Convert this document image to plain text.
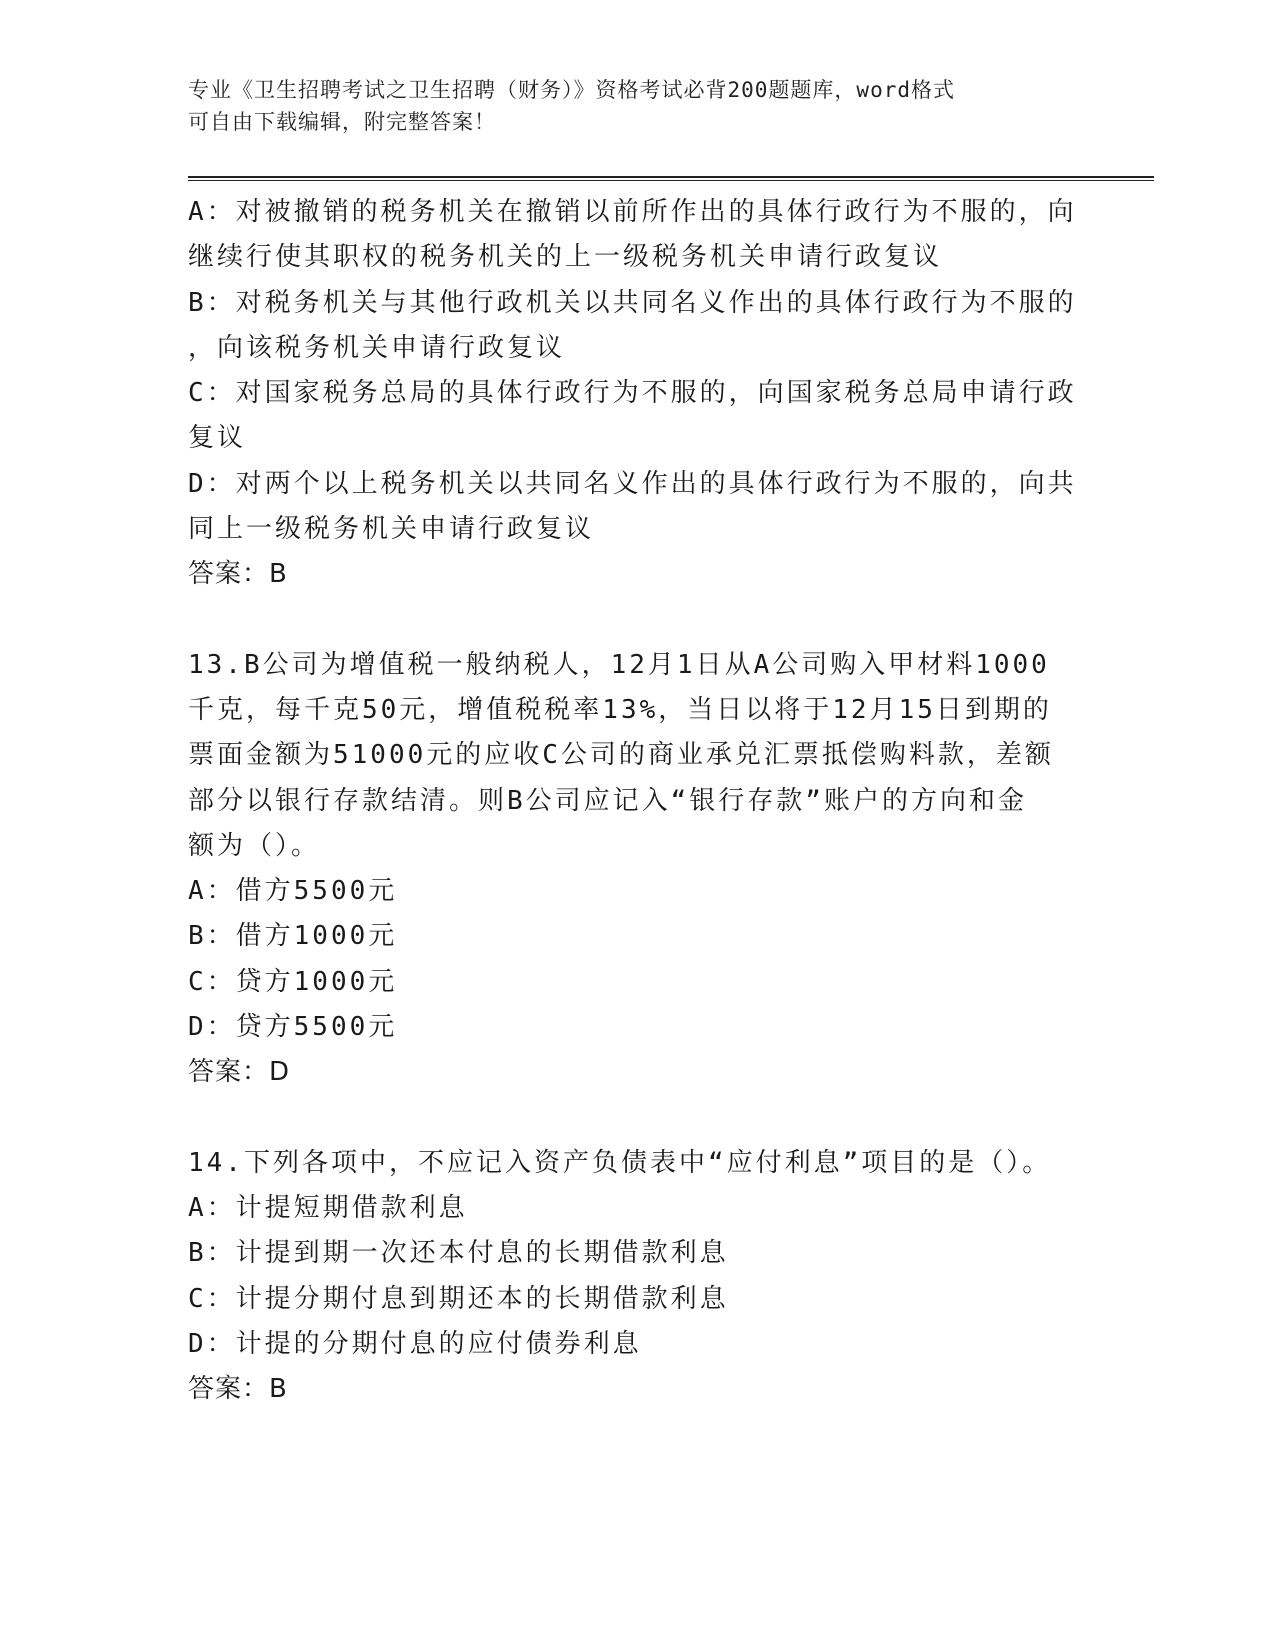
专业《卫生招聘考试之卫生招聘（财务）》资格考试必背200题题库，word格式
可自由下载编辑，附完整答案！
A：对被撤销的税务机关在撤销以前所作出的具体行政行为不服的，向
继续行使其职权的税务机关的上一级税务机关申请行政复议
B：对税务机关与其他行政机关以共同名义作出的具体行政行为不服的
，向该税务机关申请行政复议
C：对国家税务总局的具体行政行为不服的，向国家税务总局申请行政
复议
D：对两个以上税务机关以共同名义作出的具体行政行为不服的，向共
同上一级税务机关申请行政复议
答案：B
13.B公司为增值税一般纳税人，12月1日从A公司购入甲材料1000
千克，每千克50元，增值税税率13%，当日以将于12月15日到期的
票面金额为51000元的应收C公司的商业承兑汇票抵偿购料款，差额
部分以银行存款结清。则B公司应记入“银行存款”账户的方向和金
额为（）。
A：借方5500元
B：借方1000元
C：贷方1000元
D：贷方5500元
答案：D
14.下列各项中，不应记入资产负债表中“应付利息”项目的是（）。
A：计提短期借款利息
B：计提到期一次还本付息的长期借款利息
C：计提分期付息到期还本的长期借款利息
D：计提的分期付息的应付债券利息
答案：B
